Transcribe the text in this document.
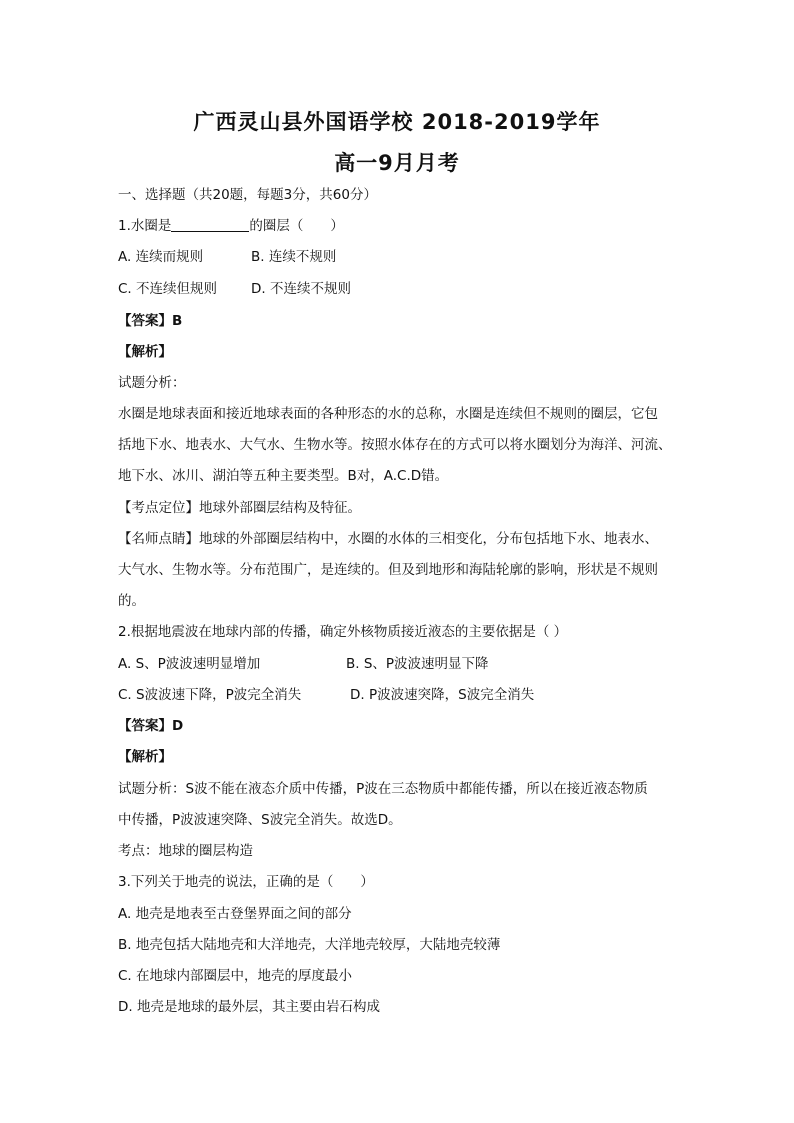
广西灵山县外国语学校 2018-2019学年
高一9月月考
一、选择题（共20题，每题3分，共60分）
1.水圈是	的圈层（　　）
A. 连续而规则	B. 连续不规则
C. 不连续但规则	D. 不连续不规则
【答案】B
【解析】
试题分析：
水圈是地球表面和接近地球表面的各种形态的水的总称，水圈是连续但不规则的圈层，它包
括地下水、地表水、大气水、生物水等。按照水体存在的方式可以将水圈划分为海洋、河流、
地下水、冰川、湖泊等五种主要类型。B对，A.C.D错。
【考点定位】地球外部圈层结构及特征。
【名师点睛】地球的外部圈层结构中，水圈的水体的三相变化，分布包括地下水、地表水、
大气水、生物水等。分布范围广，是连续的。但及到地形和海陆轮廓的影响，形状是不规则
的。
2.根据地震波在地球内部的传播，确定外核物质接近液态的主要依据是（ ）
A. S、P波波速明显增加	B. S、P波波速明显下降
C. S波波速下降，P波完全消失	D. P波波速突降，S波完全消失
【答案】D
【解析】
试题分析：S波不能在液态介质中传播，P波在三态物质中都能传播，所以在接近液态物质
中传播，P波波速突降、S波完全消失。故选D。
考点：地球的圈层构造
3.下列关于地壳的说法，正确的是（　　）
A. 地壳是地表至古登堡界面之间的部分
B. 地壳包括大陆地壳和大洋地壳，大洋地壳较厚，大陆地壳较薄
C. 在地球内部圈层中，地壳的厚度最小
D. 地壳是地球的最外层，其主要由岩石构成
